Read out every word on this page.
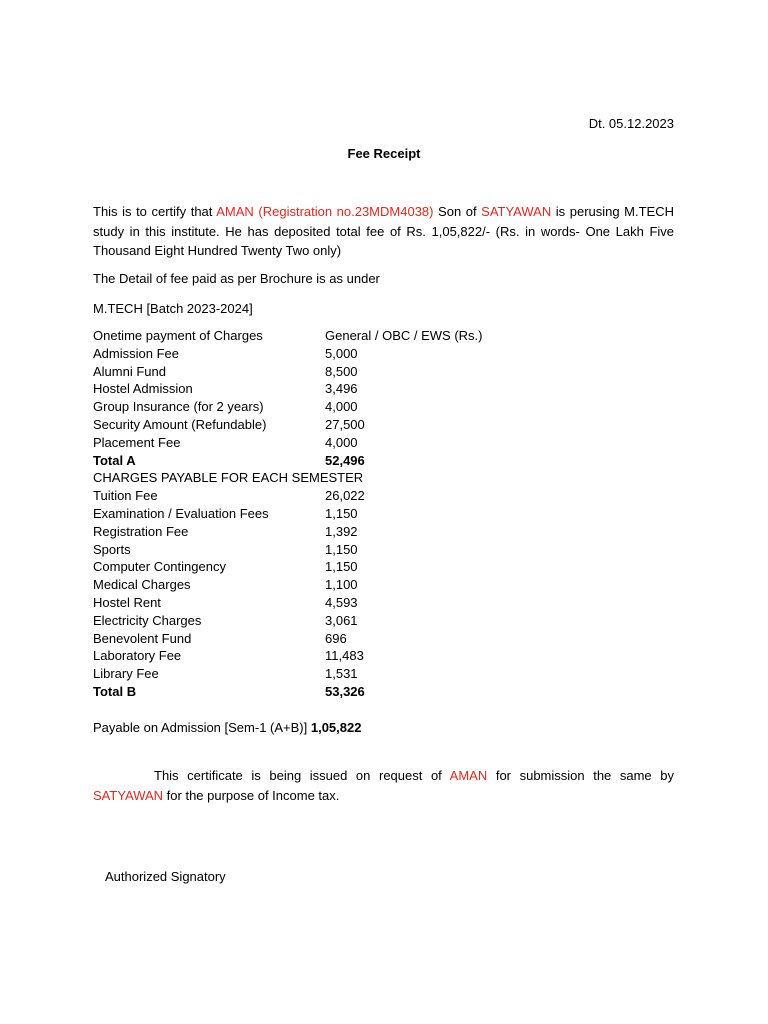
Dt. 05.12.2023
Fee Receipt
This is to certify that AMAN (Registration no.23MDM4038) Son of SATYAWAN is perusing M.TECH study in this institute. He has deposited total fee of Rs. 1,05,822/- (Rs. in words- One Lakh Five Thousand Eight Hundred Twenty Two only)
The Detail of fee paid as per Brochure is as under
M.TECH [Batch 2023-2024]
Onetime payment of Charges	General / OBC / EWS (Rs.)
Admission Fee	5,000
Alumni Fund	8,500
Hostel Admission	3,496
Group Insurance (for 2 years)	4,000
Security Amount (Refundable)	27,500
Placement Fee	4,000
Total A	52,496
CHARGES PAYABLE FOR EACH SEMESTER
Tuition Fee	26,022
Examination / Evaluation Fees	1,150
Registration Fee	1,392
Sports	1,150
Computer Contingency	1,150
Medical Charges	1,100
Hostel Rent	4,593
Electricity Charges	3,061
Benevolent Fund	696
Laboratory Fee	11,483
Library Fee	1,531
Total B	53,326
Payable on Admission [Sem-1 (A+B)] 1,05,822
This certificate is being issued on request of AMAN for submission the same by SATYAWAN for the purpose of Income tax.
Authorized Signatory
